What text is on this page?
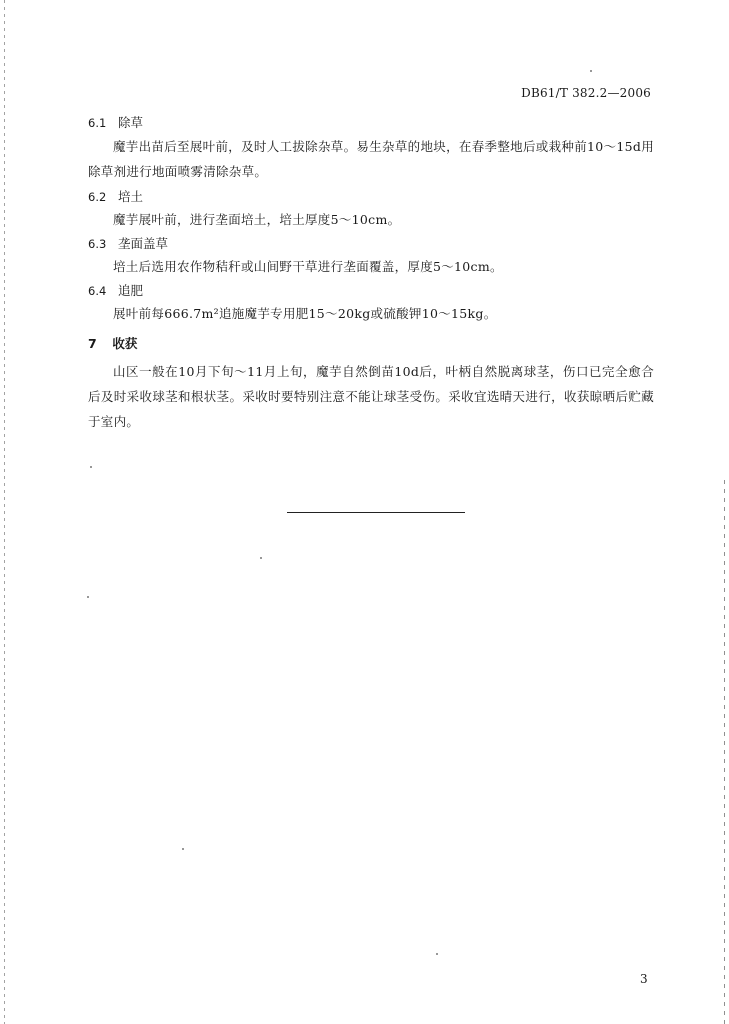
DB61/T 382.2—2006
6.1 除草

魔芋出苗后至展叶前，及时人工拔除杂草。易生杂草的地块，在春季整地后或栽种前10～15d用除草剂进行地面喷雾清除杂草。

6.2 培土

魔芋展叶前，进行垄面培土，培土厚度5～10cm。

6.3 垄面盖草

培土后选用农作物秸秆或山间野干草进行垄面覆盖，厚度5～10cm。

6.4 追肥

展叶前每666.7m²追施魔芋专用肥15～20kg或硫酸钾10～15kg。

7 收获

山区一般在10月下旬～11月上旬，魔芋自然倒苗10d后，叶柄自然脱离球茎，伤口已完全愈合后及时采收球茎和根状茎。采收时要特别注意不能让球茎受伤。采收宜选晴天进行，收获晾晒后贮藏于室内。

3
